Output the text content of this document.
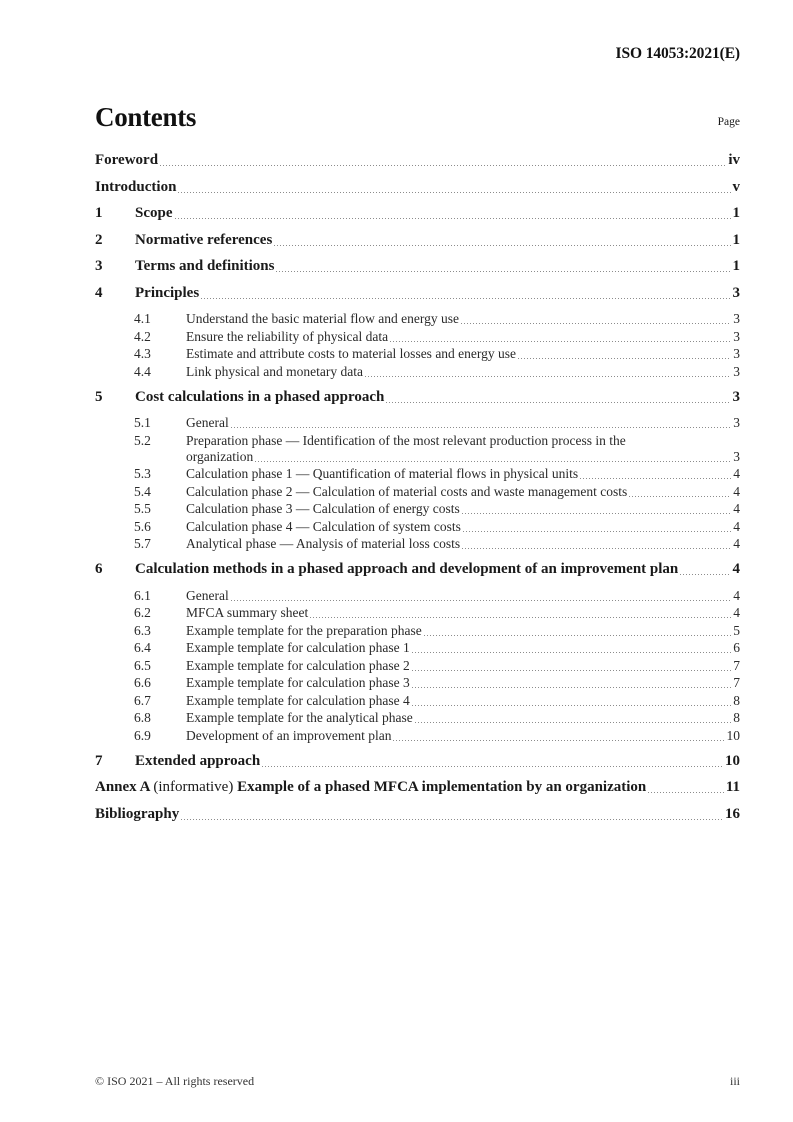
ISO 14053:2021(E)
Contents	Page
Foreword	iv
Introduction	v
1	Scope	1
2	Normative references	1
3	Terms and definitions	1
4	Principles	3
4.1	Understand the basic material flow and energy use	3
4.2	Ensure the reliability of physical data	3
4.3	Estimate and attribute costs to material losses and energy use	3
4.4	Link physical and monetary data	3
5	Cost calculations in a phased approach	3
5.1	General	3
5.2	Preparation phase — Identification of the most relevant production process in the
organization	3
5.3	Calculation phase 1 — Quantification of material flows in physical units	4
5.4	Calculation phase 2 — Calculation of material costs and waste management costs	4
5.5	Calculation phase 3 — Calculation of energy costs	4
5.6	Calculation phase 4 — Calculation of system costs	4
5.7	Analytical phase — Analysis of material loss costs	4
6	Calculation methods in a phased approach and development of an improvement plan	4
6.1	General	4
6.2	MFCA summary sheet	4
6.3	Example template for the preparation phase	5
6.4	Example template for calculation phase 1	6
6.5	Example template for calculation phase 2	7
6.6	Example template for calculation phase 3	7
6.7	Example template for calculation phase 4	8
6.8	Example template for the analytical phase	8
6.9	Development of an improvement plan	10
7	Extended approach	10
Annex A (informative) Example of a phased MFCA implementation by an organization	11
Bibliography	16
© ISO 2021 – All rights reserved	iii
